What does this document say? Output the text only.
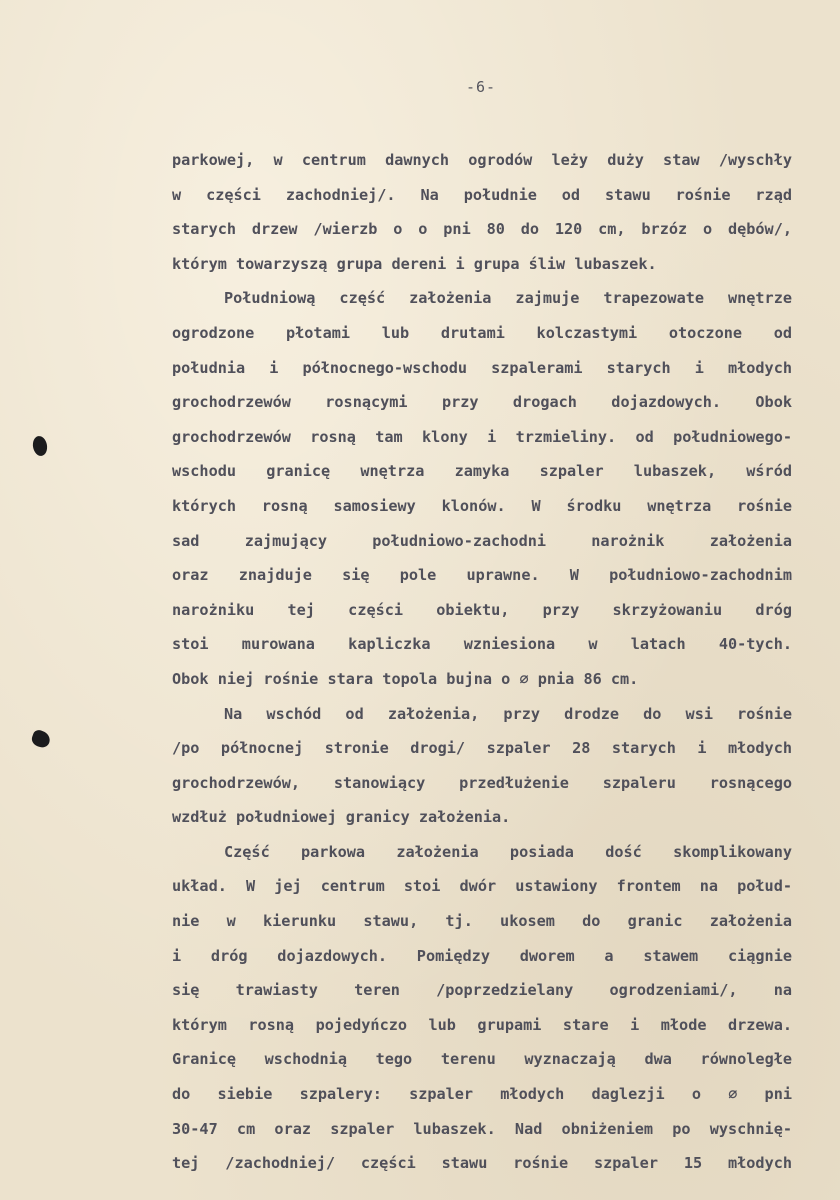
-6-
parkowej, w centrum dawnych ogrodów leży duży staw /wyschły
w części zachodniej/. Na południe od stawu rośnie rząd
starych drzew /wierzb o o pni 80 do 120 cm, brzóz o dębów/,
którym towarzyszą grupa dereni i grupa śliw lubaszek.
Południową część założenia zajmuje trapezowate wnętrze
ogrodzone płotami lub drutami kolczastymi otoczone od
południa i północnego-wschodu szpalerami starych i młodych
grochodrzewów rosnącymi przy drogach dojazdowych. Obok
grochodrzewów rosną tam klony i trzmieliny. od południowego-
wschodu granicę wnętrza zamyka szpaler lubaszek, wśród
których rosną samosiewy klonów. W środku wnętrza rośnie
sad zajmujący południowo-zachodni narożnik założenia
oraz znajduje się pole uprawne. W południowo-zachodnim
narożniku tej części obiektu, przy skrzyżowaniu dróg
stoi murowana kapliczka wzniesiona w latach 40-tych.
Obok niej rośnie stara topola bujna o ∅ pnia 86 cm.
Na wschód od założenia, przy drodze do wsi rośnie
/po północnej stronie drogi/ szpaler 28 starych i młodych
grochodrzewów, stanowiący przedłużenie szpaleru rosnącego
wzdłuż południowej granicy założenia.
Część parkowa założenia posiada dość skomplikowany
układ. W jej centrum stoi dwór ustawiony frontem na połud-
nie w kierunku stawu, tj. ukosem do granic założenia
i dróg dojazdowych. Pomiędzy dworem a stawem ciągnie
się trawiasty teren /poprzedzielany ogrodzeniami/, na
którym rosną pojedyńczo lub grupami stare i młode drzewa.
Granicę wschodnią tego terenu wyznaczają dwa równoległe
do siebie szpalery: szpaler młodych daglezji o ∅ pni
30-47 cm oraz szpaler lubaszek. Nad obniżeniem po wyschnię-
tej /zachodniej/ części stawu rośnie szpaler 15 młodych
